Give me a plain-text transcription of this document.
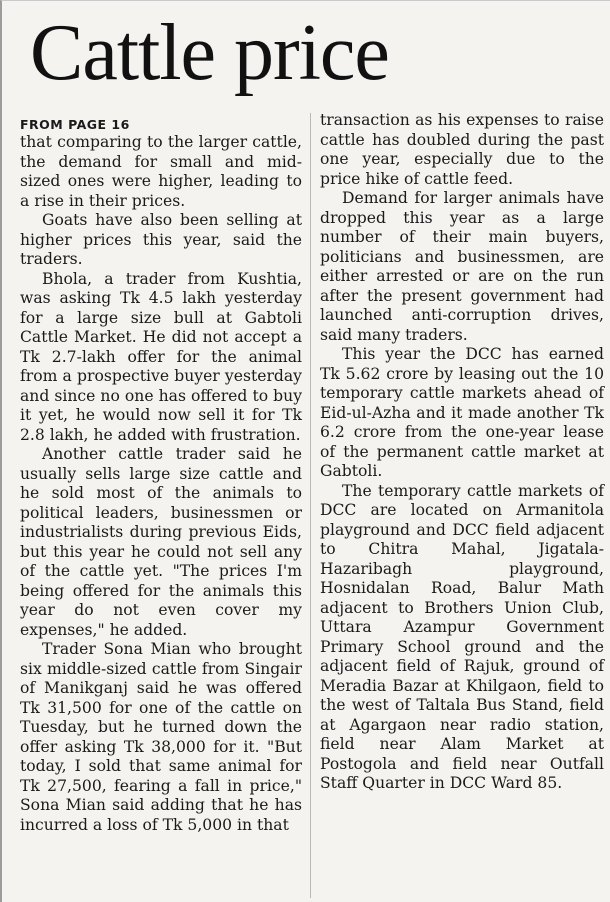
Cattle price
FROM PAGE 16

that comparing to the larger cattle, the demand for small and mid-sized ones were higher, leading to a rise in their prices.

Goats have also been selling at higher prices this year, said the traders.

Bhola, a trader from Kushtia, was asking Tk 4.5 lakh yesterday for a large size bull at Gabtoli Cattle Market. He did not accept a Tk 2.7-lakh offer for the animal from a prospective buyer yesterday and since no one has offered to buy it yet, he would now sell it for Tk 2.8 lakh, he added with frustration.

Another cattle trader said he usually sells large size cattle and he sold most of the animals to political leaders, businessmen or industrialists during previous Eids, but this year he could not sell any of the cattle yet. "The prices I'm being offered for the animals this year do not even cover my expenses," he added.

Trader Sona Mian who brought six middle-sized cattle from Singair of Manikganj said he was offered Tk 31,500 for one of the cattle on Tuesday, but he turned down the offer asking Tk 38,000 for it. "But today, I sold that same animal for Tk 27,500, fearing a fall in price," Sona Mian said adding that he has incurred a loss of Tk 5,000 in that

transaction as his expenses to raise cattle has doubled during the past one year, especially due to the price hike of cattle feed.

Demand for larger animals have dropped this year as a large number of their main buyers, politicians and businessmen, are either arrested or are on the run after the present government had launched anti-corruption drives, said many traders.

This year the DCC has earned Tk 5.62 crore by leasing out the 10 temporary cattle markets ahead of Eid-ul-Azha and it made another Tk 6.2 crore from the one-year lease of the permanent cattle market at Gabtoli.

The temporary cattle markets of DCC are located on Armanitola playground and DCC field adjacent to Chitra Mahal, Jigatala-Hazaribagh playground, Hosnidalan Road, Balur Math adjacent to Brothers Union Club, Uttara Azampur Government Primary School ground and the adjacent field of Rajuk, ground of Meradia Bazar at Khilgaon, field to the west of Taltala Bus Stand, field at Agargaon near radio station, field near Alam Market at Postogola and field near Outfall Staff Quarter in DCC Ward 85.
